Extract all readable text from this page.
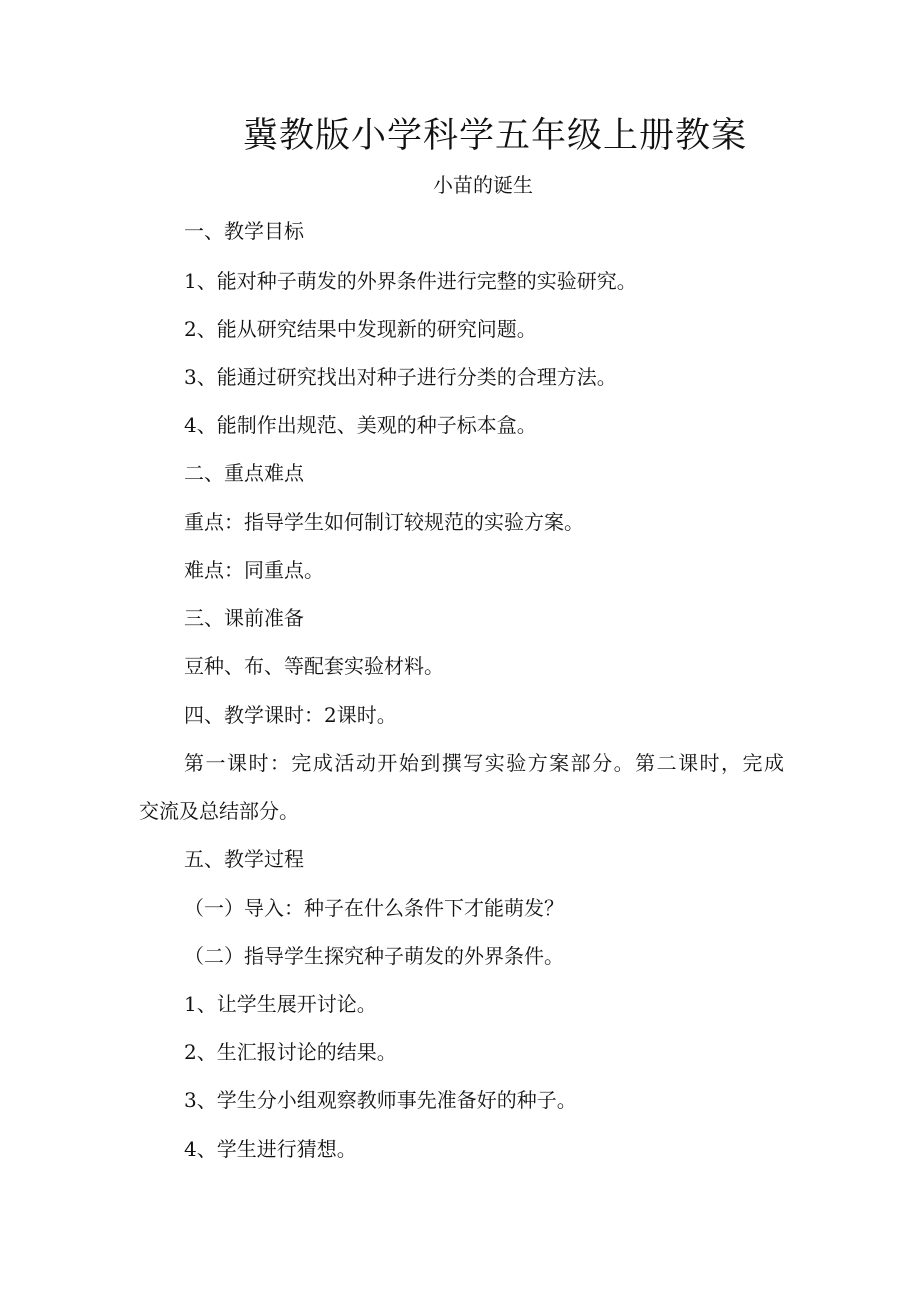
冀教版小学科学五年级上册教案
小苗的诞生
一、教学目标
1、能对种子萌发的外界条件进行完整的实验研究。
2、能从研究结果中发现新的研究问题。
3、能通过研究找出对种子进行分类的合理方法。
4、能制作出规范、美观的种子标本盒。
二、重点难点
重点：指导学生如何制订较规范的实验方案。
难点：同重点。
三、课前准备
豆种、布、等配套实验材料。
四、教学课时：2课时。
第一课时：完成活动开始到撰写实验方案部分。第二课时，完成
交流及总结部分。
五、教学过程
（一）导入：种子在什么条件下才能萌发？
（二）指导学生探究种子萌发的外界条件。
1、让学生展开讨论。
2、生汇报讨论的结果。
3、学生分小组观察教师事先准备好的种子。
4、学生进行猜想。
